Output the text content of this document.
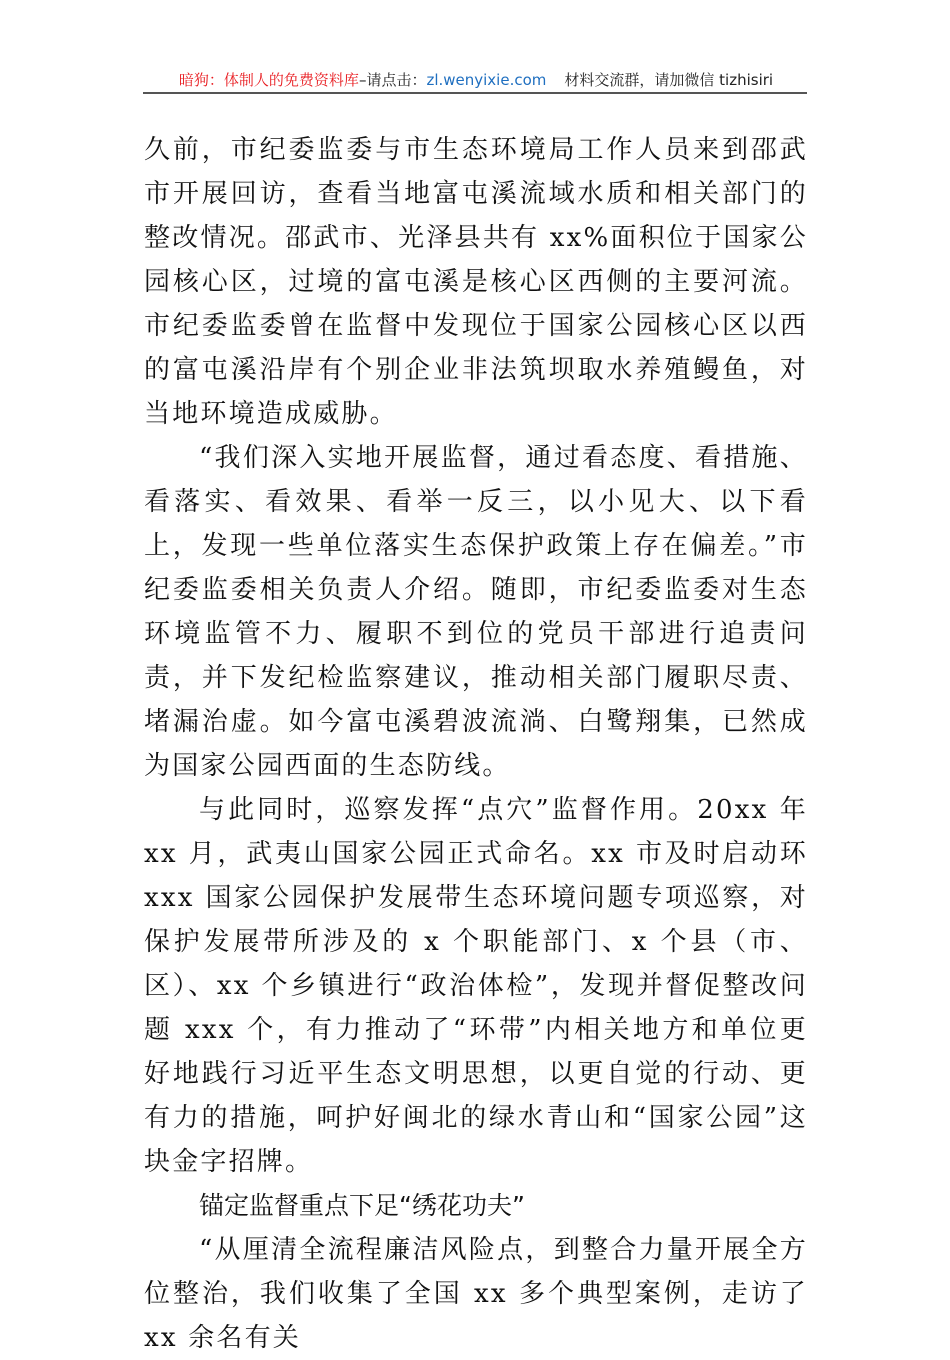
暗狗：体制人的免费资料库–请点击：zl.wenyixie.com 材料交流群，请加微信 tizhisiri

久前，市纪委监委与市生态环境局工作人员来到邵武市开展回访，查看当地富屯溪流域水质和相关部门的整改情况。邵武市、光泽县共有 xx%面积位于国家公园核心区，过境的富屯溪是核心区西侧的主要河流。市纪委监委曾在监督中发现位于国家公园核心区以西的富屯溪沿岸有个别企业非法筑坝取水养殖鳗鱼，对当地环境造成威胁。

“我们深入实地开展监督，通过看态度、看措施、看落实、看效果、看举一反三，以小见大、以下看上，发现一些单位落实生态保护政策上存在偏差。”市纪委监委相关负责人介绍。随即，市纪委监委对生态环境监管不力、履职不到位的党员干部进行追责问责，并下发纪检监察建议，推动相关部门履职尽责、堵漏治虚。如今富屯溪碧波流淌、白鹭翔集，已然成为国家公园西面的生态防线。

与此同时，巡察发挥“点穴”监督作用。20xx 年 xx 月，武夷山国家公园正式命名。xx 市及时启动环 xxx 国家公园保护发展带生态环境问题专项巡察，对保护发展带所涉及的 x 个职能部门、x 个县（市、区）、xx 个乡镇进行“政治体检”，发现并督促整改问题 xxx 个，有力推动了“环带”内相关地方和单位更好地践行习近平生态文明思想，以更自觉的行动、更有力的措施，呵护好闽北的绿水青山和“国家公园”这块金字招牌。

锚定监督重点下足“绣花功夫”

“从厘清全流程廉洁风险点，到整合力量开展全方位整治，我们收集了全国 xx 多个典型案例，走访了 xx 余名有关
